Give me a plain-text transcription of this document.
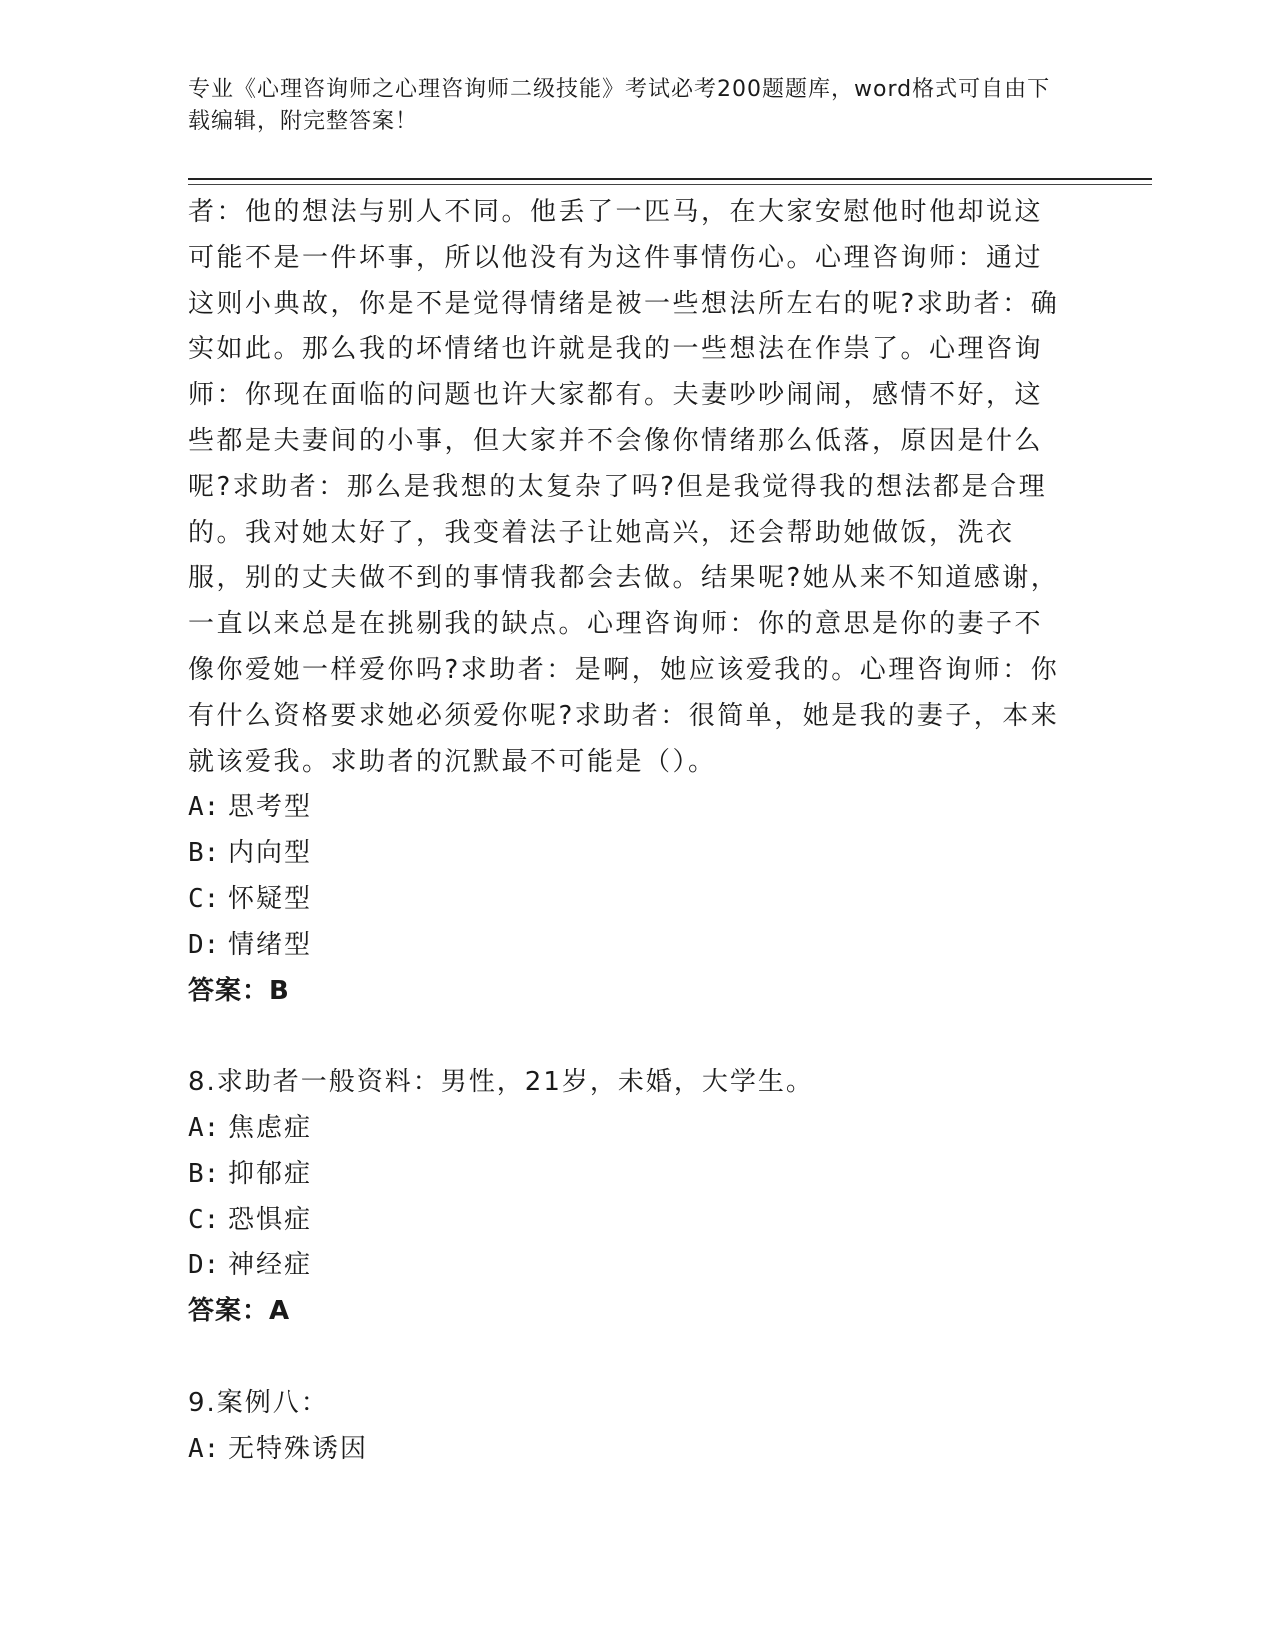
专业《心理咨询师之心理咨询师二级技能》考试必考200题题库，word格式可自由下载编辑，附完整答案！

者：他的想法与别人不同。他丢了一匹马，在大家安慰他时他却说这可能不是一件坏事，所以他没有为这件事情伤心。心理咨询师：通过这则小典故，你是不是觉得情绪是被一些想法所左右的呢?求助者：确实如此。那么我的坏情绪也许就是我的一些想法在作祟了。心理咨询师：你现在面临的问题也许大家都有。夫妻吵吵闹闹，感情不好，这些都是夫妻间的小事，但大家并不会像你情绪那么低落，原因是什么呢?求助者：那么是我想的太复杂了吗?但是我觉得我的想法都是合理的。我对她太好了，我变着法子让她高兴，还会帮助她做饭，洗衣服，别的丈夫做不到的事情我都会去做。结果呢?她从来不知道感谢，一直以来总是在挑剔我的缺点。心理咨询师：你的意思是你的妻子不像你爱她一样爱你吗?求助者：是啊，她应该爱我的。心理咨询师：你有什么资格要求她必须爱你呢?求助者：很简单，她是我的妻子，本来就该爱我。求助者的沉默最不可能是（）。

A: 思考型
B: 内向型
C: 怀疑型
D: 情绪型
答案：B
8.求助者一般资料：男性，21岁，未婚，大学生。
A: 焦虑症
B: 抑郁症
C: 恐惧症
D: 神经症
答案：A
9.案例八：
A: 无特殊诱因
